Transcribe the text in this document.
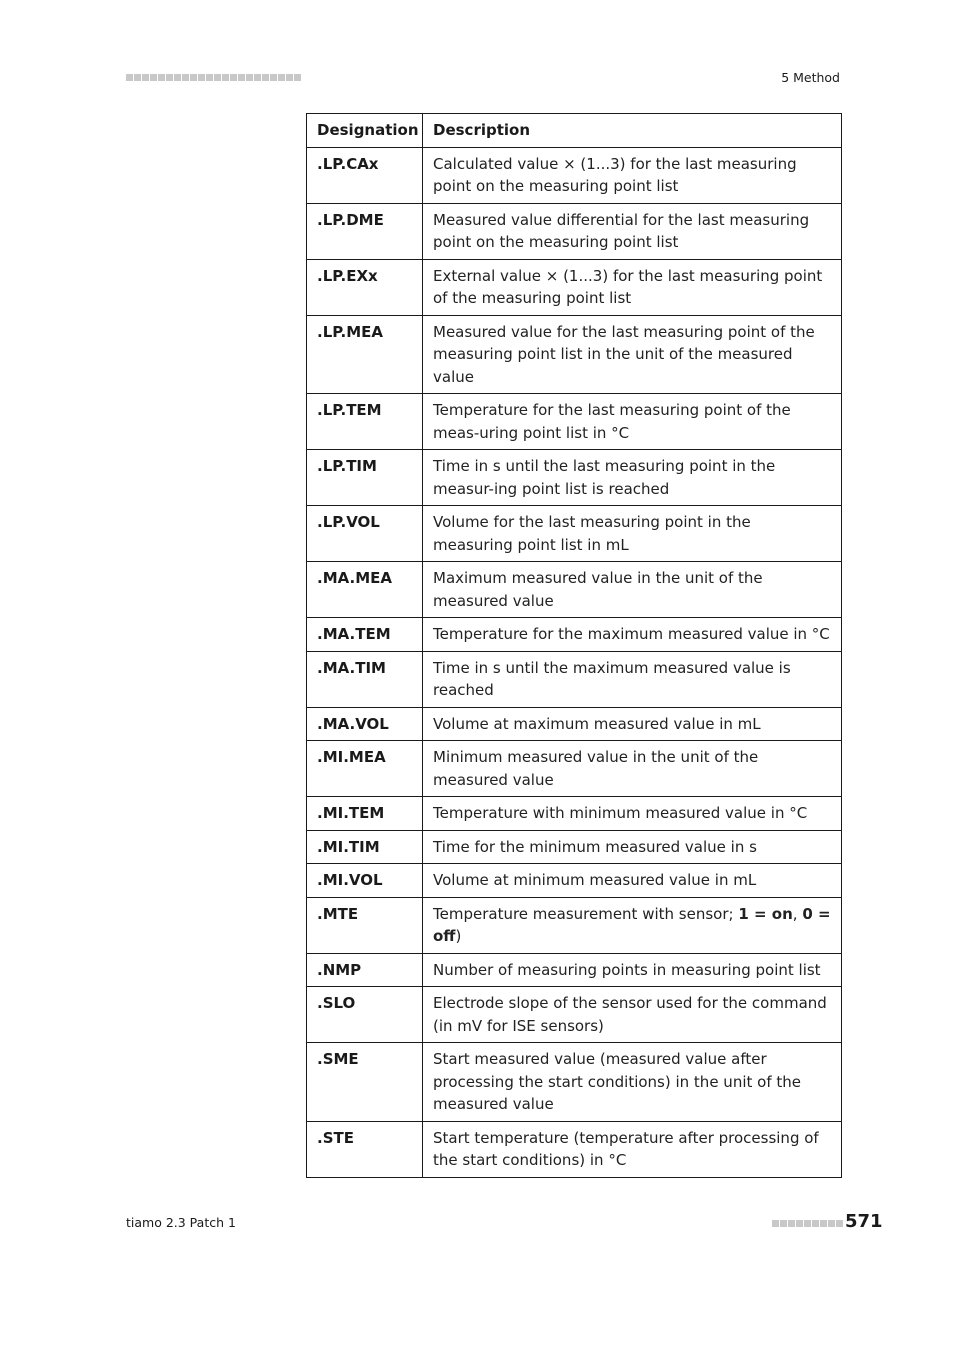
5 Method
Designation	Description
.LP.CAx	Calculated value × (1...3) for the last measuring point on the measuring point list
.LP.DME	Measured value differential for the last measuring point on the measuring point list
.LP.EXx	External value × (1...3) for the last measuring point of the measuring point list
.LP.MEA	Measured value for the last measuring point of the measuring point list in the unit of the measured value
.LP.TEM	Temperature for the last measuring point of the meas-uring point list in °C
.LP.TIM	Time in s until the last measuring point in the measur-ing point list is reached
.LP.VOL	Volume for the last measuring point in the measuring point list in mL
.MA.MEA	Maximum measured value in the unit of the measured value
.MA.TEM	Temperature for the maximum measured value in °C
.MA.TIM	Time in s until the maximum measured value is reached
.MA.VOL	Volume at maximum measured value in mL
.MI.MEA	Minimum measured value in the unit of the measured value
.MI.TEM	Temperature with minimum measured value in °C
.MI.TIM	Time for the minimum measured value in s
.MI.VOL	Volume at minimum measured value in mL
.MTE	Temperature measurement with sensor; 1 = on, 0 = off)
.NMP	Number of measuring points in measuring point list
.SLO	Electrode slope of the sensor used for the command (in mV for ISE sensors)
.SME	Start measured value (measured value after processing the start conditions) in the unit of the measured value
.STE	Start temperature (temperature after processing of the start conditions) in °C
tiamo 2.3 Patch 1	571
